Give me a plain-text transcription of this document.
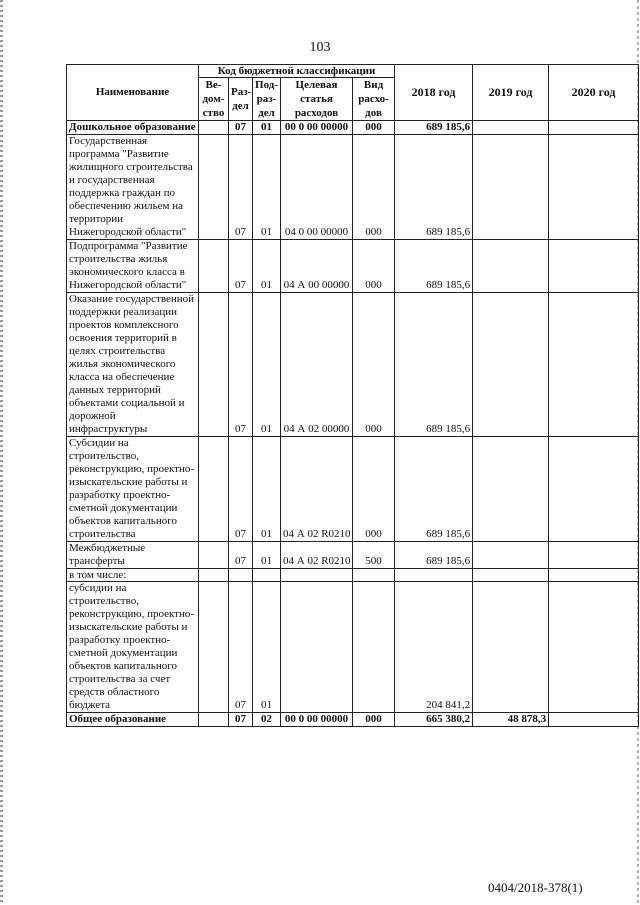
103
Наименование	Код бюджетной классификации					2018 год	2019 год	2020 год
	Ве-дом-ство	Раз-дел	Под-раз-дел	Целевая статья расходов	Вид расхо-дов			
Дошкольное образование		07	01	00 0 00 00000	000	689 185,6		
Государственная программа "Развитие жилищного строительства и государственная поддержка граждан по обеспечению жильем на территории Нижегородской области"		07	01	04 0 00 00000	000	689 185,6		
Подпрограмма "Развитие строительства жилья экономического класса в Нижегородской области"		07	01	04 А 00 00000	000	689 185,6		
Оказание государственной поддержки реализации проектов комплексного освоения территорий в целях строительства жилья экономического класса на обеспечение данных территорий объектами социальной и дорожной инфраструктуры		07	01	04 А 02 00000	000	689 185,6		
Субсидии на строительство, реконструкцию, проектно-изыскательские работы и разработку проектно-сметной документации объектов капитального строительства		07	01	04 А 02 R0210	000	689 185,6		
Межбюджетные трансферты		07	01	04 А 02 R0210	500	689 185,6		
в том числе:								
субсидии на строительство, реконструкцию, проектно-изыскательские работы и разработку проектно-сметной документации объектов капитального строительства за счет средств областного бюджета		07	01			204 841,2		
Общее образование		07	02	00 0 00 00000	000	665 380,2	48 878,3	
0404/2018-378(1)
